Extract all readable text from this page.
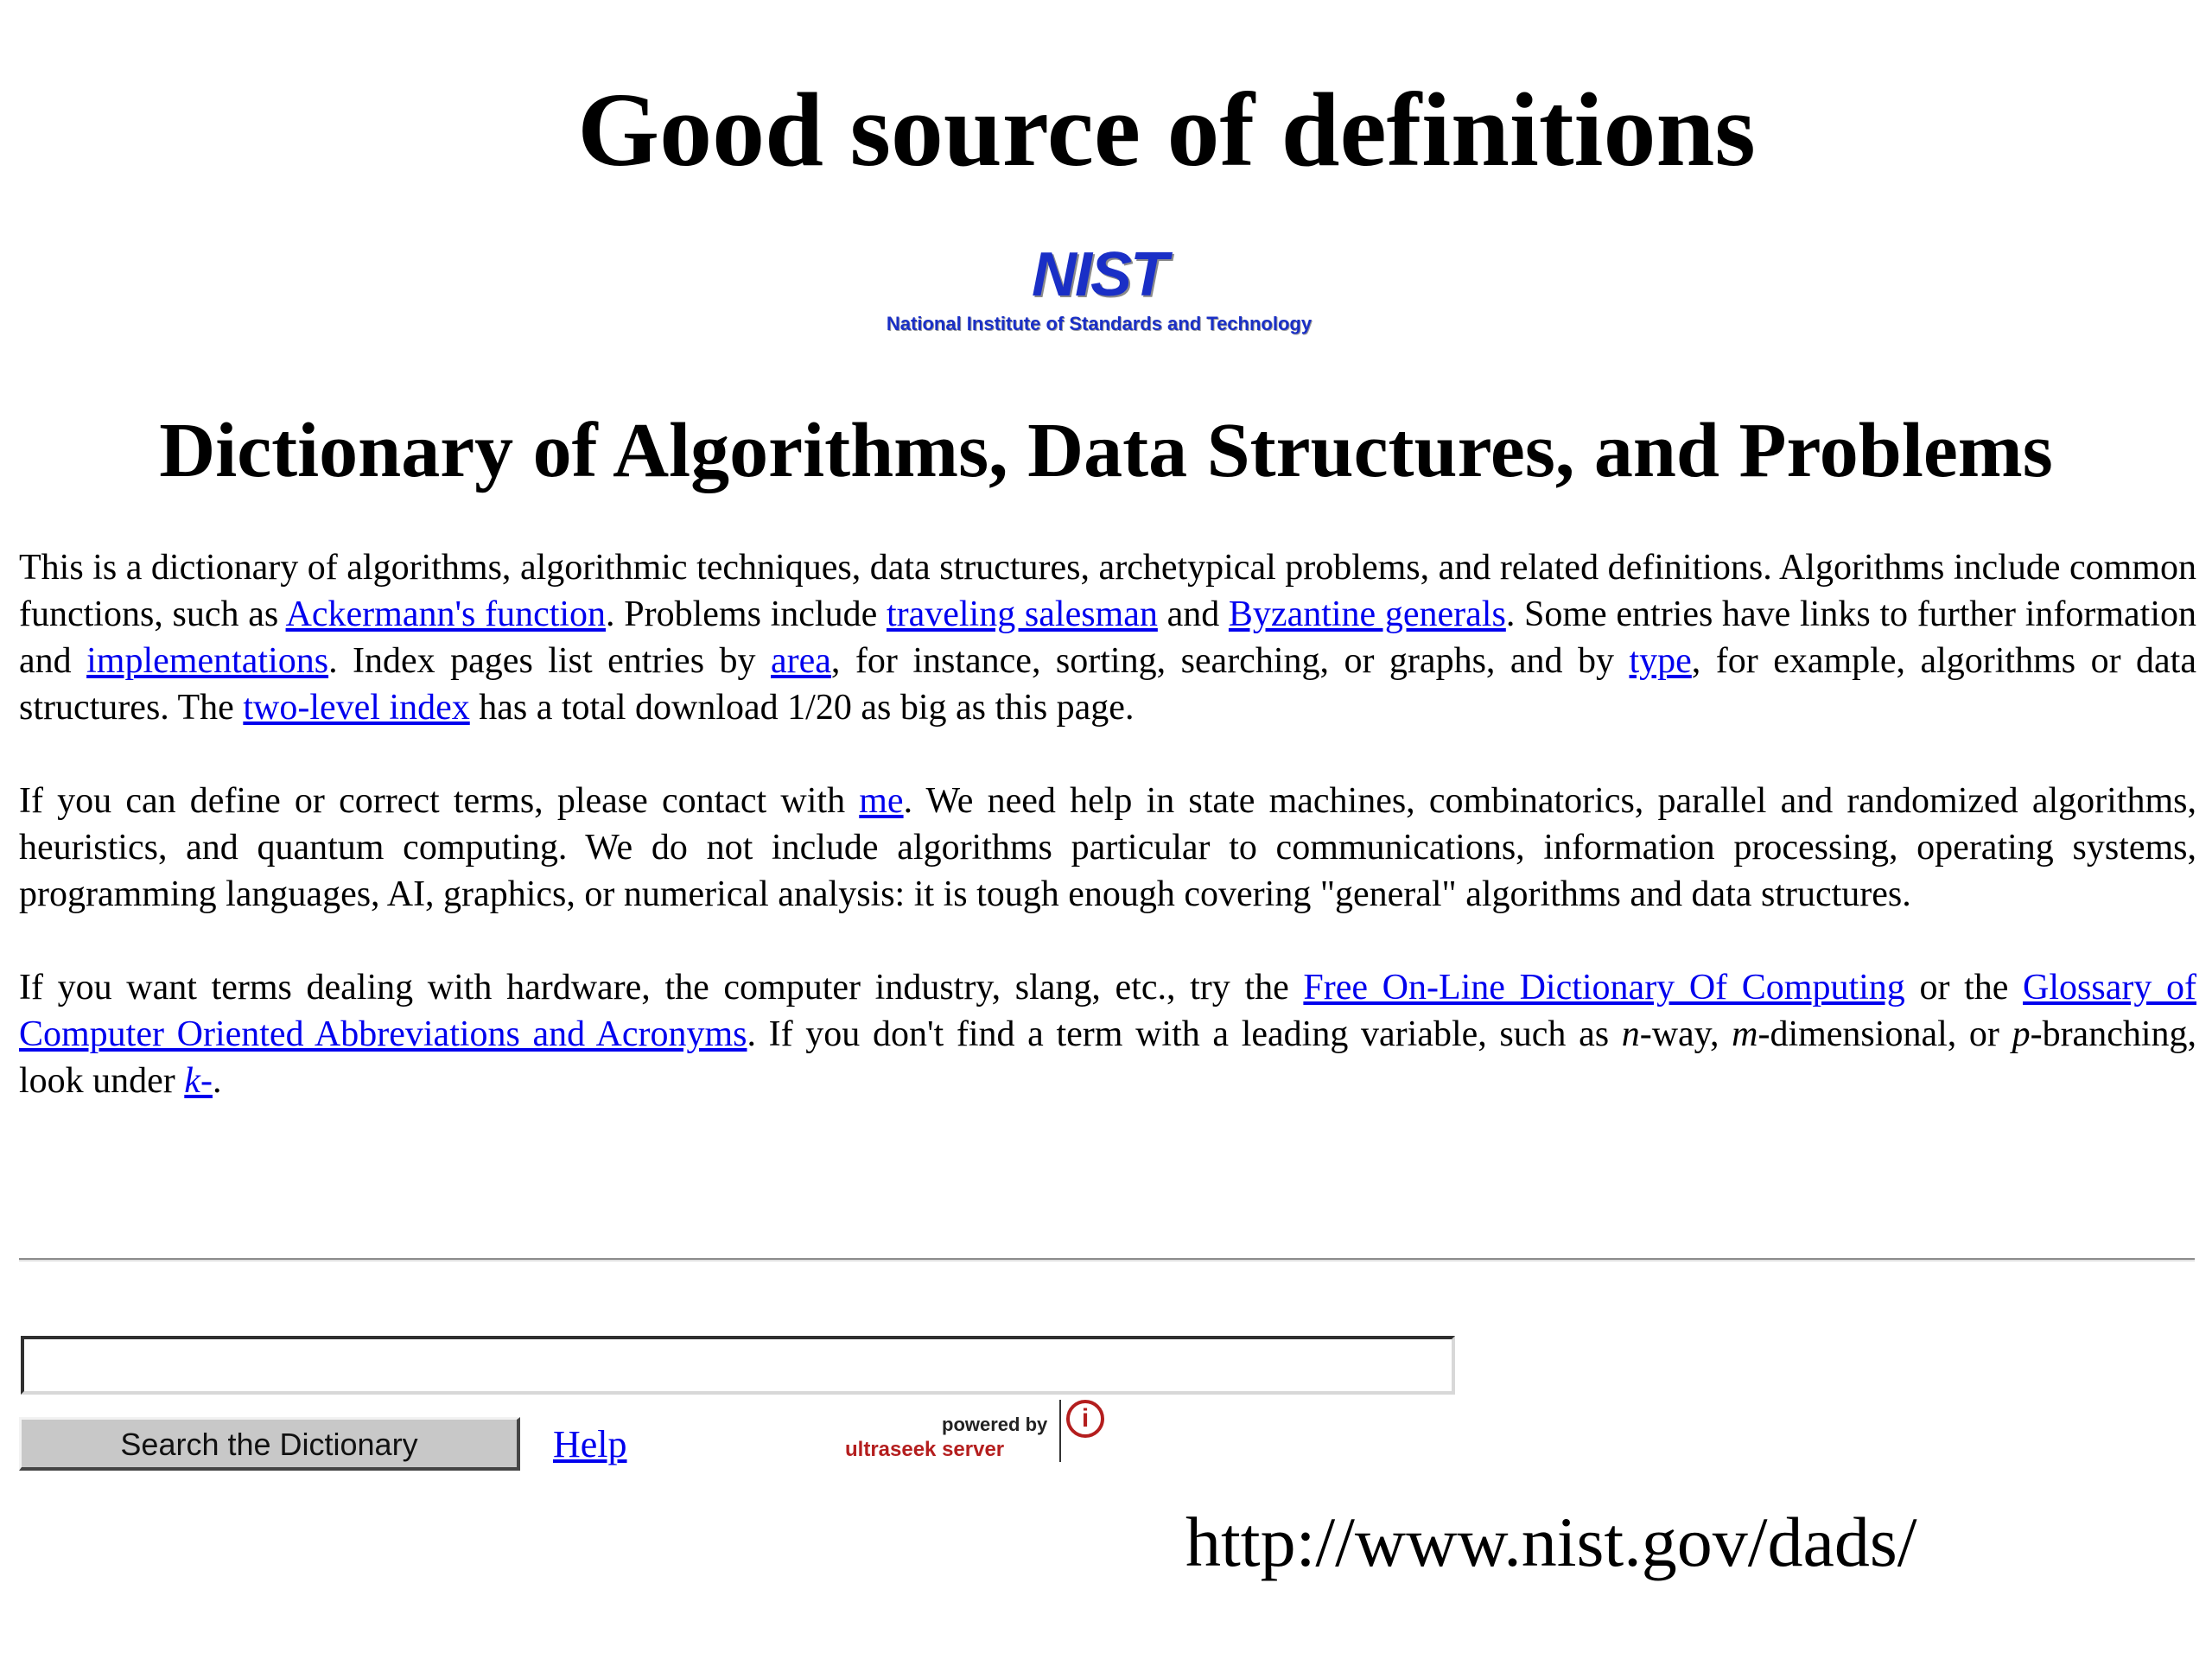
Good source of definitions
NIST
National Institute of Standards and Technology
Dictionary of Algorithms, Data Structures, and Problems

This is a dictionary of algorithms, algorithmic techniques, data structures, archetypical problems, and related definitions. Algorithms include common functions, such as Ackermann's function. Problems include traveling salesman and Byzantine generals. Some entries have links to further information and implementations. Index pages list entries by area, for instance, sorting, searching, or graphs, and by type, for example, algorithms or data structures. The two-level index has a total download 1/20 as big as this page.

If you can define or correct terms, please contact with me. We need help in state machines, combinatorics, parallel and randomized algorithms, heuristics, and quantum computing. We do not include algorithms particular to communications, information processing, operating systems, programming languages, AI, graphics, or numerical analysis: it is tough enough covering "general" algorithms and data structures.

If you want terms dealing with hardware, the computer industry, slang, etc., try the Free On-Line Dictionary Of Computing or the Glossary of Computer Oriented Abbreviations and Acronyms. If you don't find a term with a leading variable, such as n-way, m-dimensional, or p-branching, look under k-.

Search the Dictionary	Help	powered by
ultraseek server
i
http://www.nist.gov/dads/
